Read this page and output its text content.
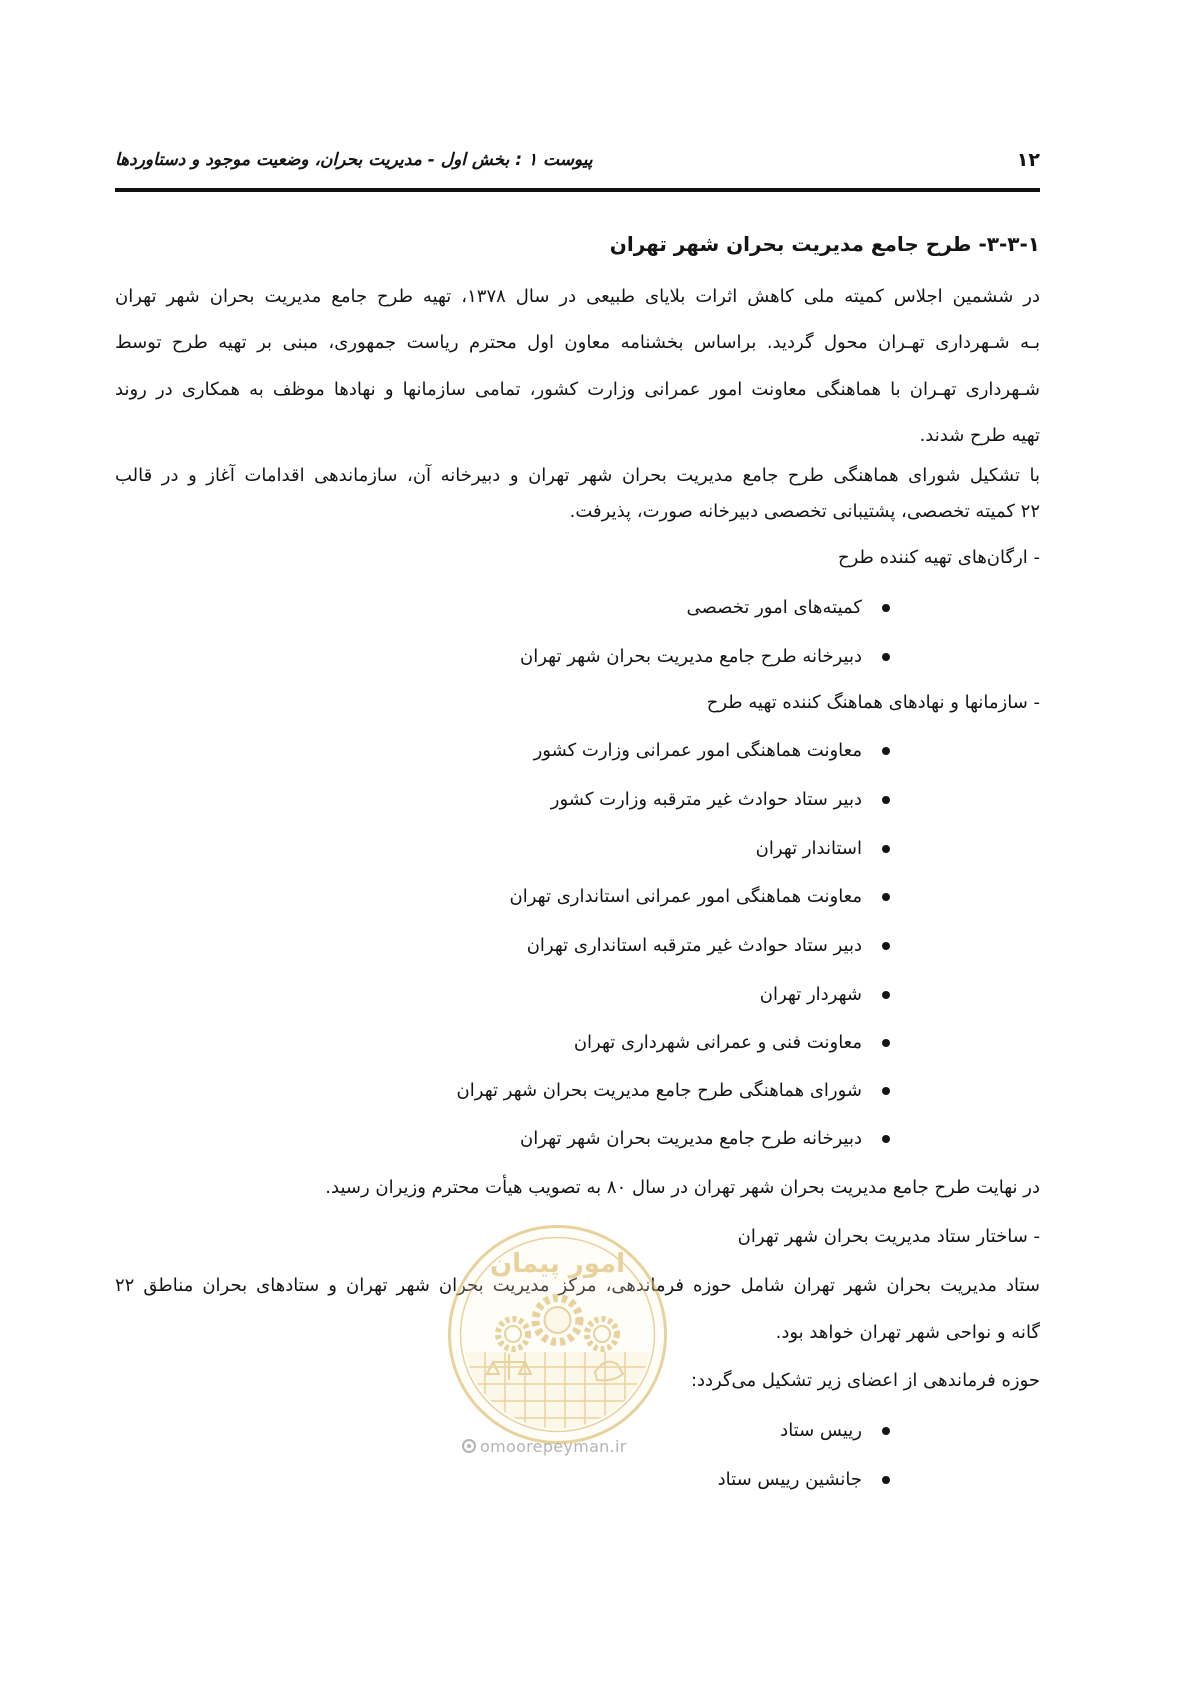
۱۲
پیوست ۱ : بخش اول - مدیریت بحران، وضعیت موجود و دستاوردها
۱-۳-۳- طرح جامع مدیریت بحران شهر تهران
در ششمین اجلاس کمیته ملی کاهش اثرات بلایای طبیعی در سال ۱۳۷۸، تهیه طرح جامع مدیریت بحران شهر تهران
بـه شـهرداری تهـران محول گردید. براساس بخشنامه معاون اول محترم ریاست جمهوری، مبنی بر تهیه طرح توسط
شـهرداری تهـران با هماهنگی معاونت امور عمرانی وزارت کشور، تمامی سازمانها و نهادها موظف به همکاری در روند
تهیه طرح شدند.
با تشکیل شورای هماهنگی طرح جامع مدیریت بحران شهر تهران و دبیرخانه آن، سازماندهی اقدامات آغاز و در قالب
۲۲ کمیته تخصصی، پشتیبانی تخصصی دبیرخانه صورت، پذیرفت.
- ارگان‌های تهیه کننده طرح
کمیته‌های امور تخصصی
دبیرخانه طرح جامع مدیریت بحران شهر تهران
- سازمانها و نهادهای هماهنگ کننده تهیه طرح
معاونت هماهنگی امور عمرانی وزارت کشور
دبیر ستاد حوادث غیر مترقبه وزارت کشور
استاندار تهران
معاونت هماهنگی امور عمرانی استانداری تهران
دبیر ستاد حوادث غیر مترقبه استانداری تهران
شهردار تهران
معاونت فنی و عمرانی شهرداری تهران
شورای هماهنگی طرح جامع مدیریت بحران شهر تهران
دبیرخانه طرح جامع مدیریت بحران شهر تهران
در نهایت طرح جامع مدیریت بحران شهر تهران در سال ۸۰ به تصویب هیأت محترم وزیران رسید.
- ساختار ستاد مدیریت بحران شهر تهران
ستاد مدیریت بحران شهر تهران شامل حوزه فرماندهی، مرکز مدیریت بحران شهر تهران و ستادهای بحران مناطق ۲۲
گانه و نواحی شهر تهران خواهد بود.
حوزه فرماندهی از اعضای زیر تشکیل می‌گردد:
رییس ستاد
جانشین رییس ستاد
امور پیمان
omoorepeyman.ir
